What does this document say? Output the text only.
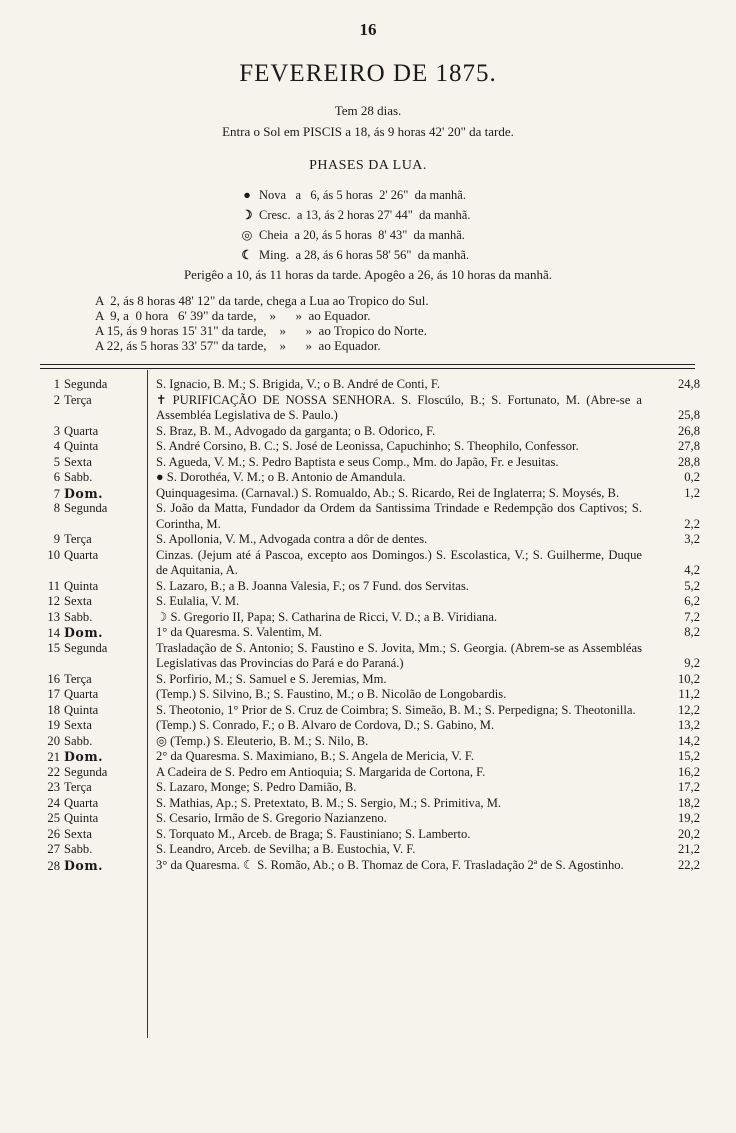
16
FEVEREIRO DE 1875.
Tem 28 dias.
Entra o Sol em PISCIS a 18, ás 9 horas 42' 20" da tarde.
PHASES DA LUA.
● Nova   a   6, ás 5 horas  2' 26"  da manhã.
☽ Cresc.  a 13, ás 2 horas 27' 44"  da manhã.
◎ Cheia  a 20, ás 5 horas  8' 43"  da manhã.
☾ Ming.  a 28, ás 6 horas 58' 56"  da manhã.
Perigêo a 10, ás 11 horas da tarde. Apogêo a 26, ás 10 horas da manhã.
A  2, ás 8 horas 48' 12" da tarde, chega a Lua ao Tropico do Sul.
A  9, a  0 hora   6' 39" da tarde,    »      »  ao Equador.
A 15, ás 9 horas 15' 31" da tarde,    »      »  ao Tropico do Norte.
A 22, ás 5 horas 33' 57" da tarde,    »      »  ao Equador.
1 Segunda	S. Ignacio, B. M.; S. Brigida, V.; o B. André de Conti, F.	24,8
2 Terça	✝ PURIFICAÇÃO DE NOSSA SENHORA. S. Floscúlo, B.; S. Fortunato, M. (Abre-se a Assembléa Legislativa de S. Paulo.)	25,8
3 Quarta	S. Braz, B. M., Advogado da garganta; o B. Odorico, F.	26,8
4 Quinta	S. André Corsino, B. C.; S. José de Leonissa, Capuchinho; S. Theophilo, Confessor.	27,8
5 Sexta	S. Agueda, V. M.; S. Pedro Baptista e seus Comp., Mm. do Japão, Fr. e Jesuitas.	28,8
6 Sabb.	● S. Dorothéa, V. M.; o B. Antonio de Amandula.	0,2
7 Dom.	Quinquagesima. (Carnaval.) S. Romualdo, Ab.; S. Ricardo, Rei de Inglaterra; S. Moysés, B.	1,2
8 Segunda	S. João da Matta, Fundador da Ordem da Santissima Trindade e Redempção dos Captivos; S. Corintha, M.	2,2
9 Terça	S. Apollonia, V. M., Advogada contra a dôr de dentes.	3,2
10 Quarta	Cinzas. (Jejum até á Pascoa, excepto aos Domingos.) S. Escolastica, V.; S. Guilherme, Duque de Aquitania, A.	4,2
11 Quinta	S. Lazaro, B.; a B. Joanna Valesia, F.; os 7 Fund. dos Servitas.	5,2
12 Sexta	S. Eulalia, V. M.	6,2
13 Sabb.	☽ S. Gregorio II, Papa; S. Catharina de Ricci, V. D.; a B. Viridiana.	7,2
14 Dom.	1° da Quaresma. S. Valentim, M.	8,2
15 Segunda	Trasladação de S. Antonio; S. Faustino e S. Jovita, Mm.; S. Georgia. (Abrem-se as Assembléas Legislativas das Provincias do Pará e do Paraná.)	9,2
16 Terça	S. Porfirio, M.; S. Samuel e S. Jeremias, Mm.	10,2
17 Quarta	(Temp.) S. Silvino, B.; S. Faustino, M.; o B. Nicolão de Longobardis.	11,2
18 Quinta	S. Theotonio, 1° Prior de S. Cruz de Coimbra; S. Simeão, B. M.; S. Perpedigna; S. Theotonilla.	12,2
19 Sexta	(Temp.) S. Conrado, F.; o B. Alvaro de Cordova, D.; S. Gabino, M.	13,2
20 Sabb.	◎ (Temp.) S. Eleuterio, B. M.; S. Nilo, B.	14,2
21 Dom.	2° da Quaresma. S. Maximiano, B.; S. Angela de Mericia, V. F.	15,2
22 Segunda	A Cadeira de S. Pedro em Antioquia; S. Margarida de Cortona, F.	16,2
23 Terça	S. Lazaro, Monge; S. Pedro Damião, B.	17,2
24 Quarta	S. Mathias, Ap.; S. Pretextato, B. M.; S. Sergio, M.; S. Primitiva, M.	18,2
25 Quinta	S. Cesario, Irmão de S. Gregorio Nazianzeno.	19,2
26 Sexta	S. Torquato M., Arceb. de Braga; S. Faustiniano; S. Lamberto.	20,2
27 Sabb.	S. Leandro, Arceb. de Sevilha; a B. Eustochia, V. F.	21,2
28 Dom.	3° da Quaresma. ☾ S. Romão, Ab.; o B. Thomaz de Cora, F. Trasladação 2ª de S. Agostinho.	22,2
